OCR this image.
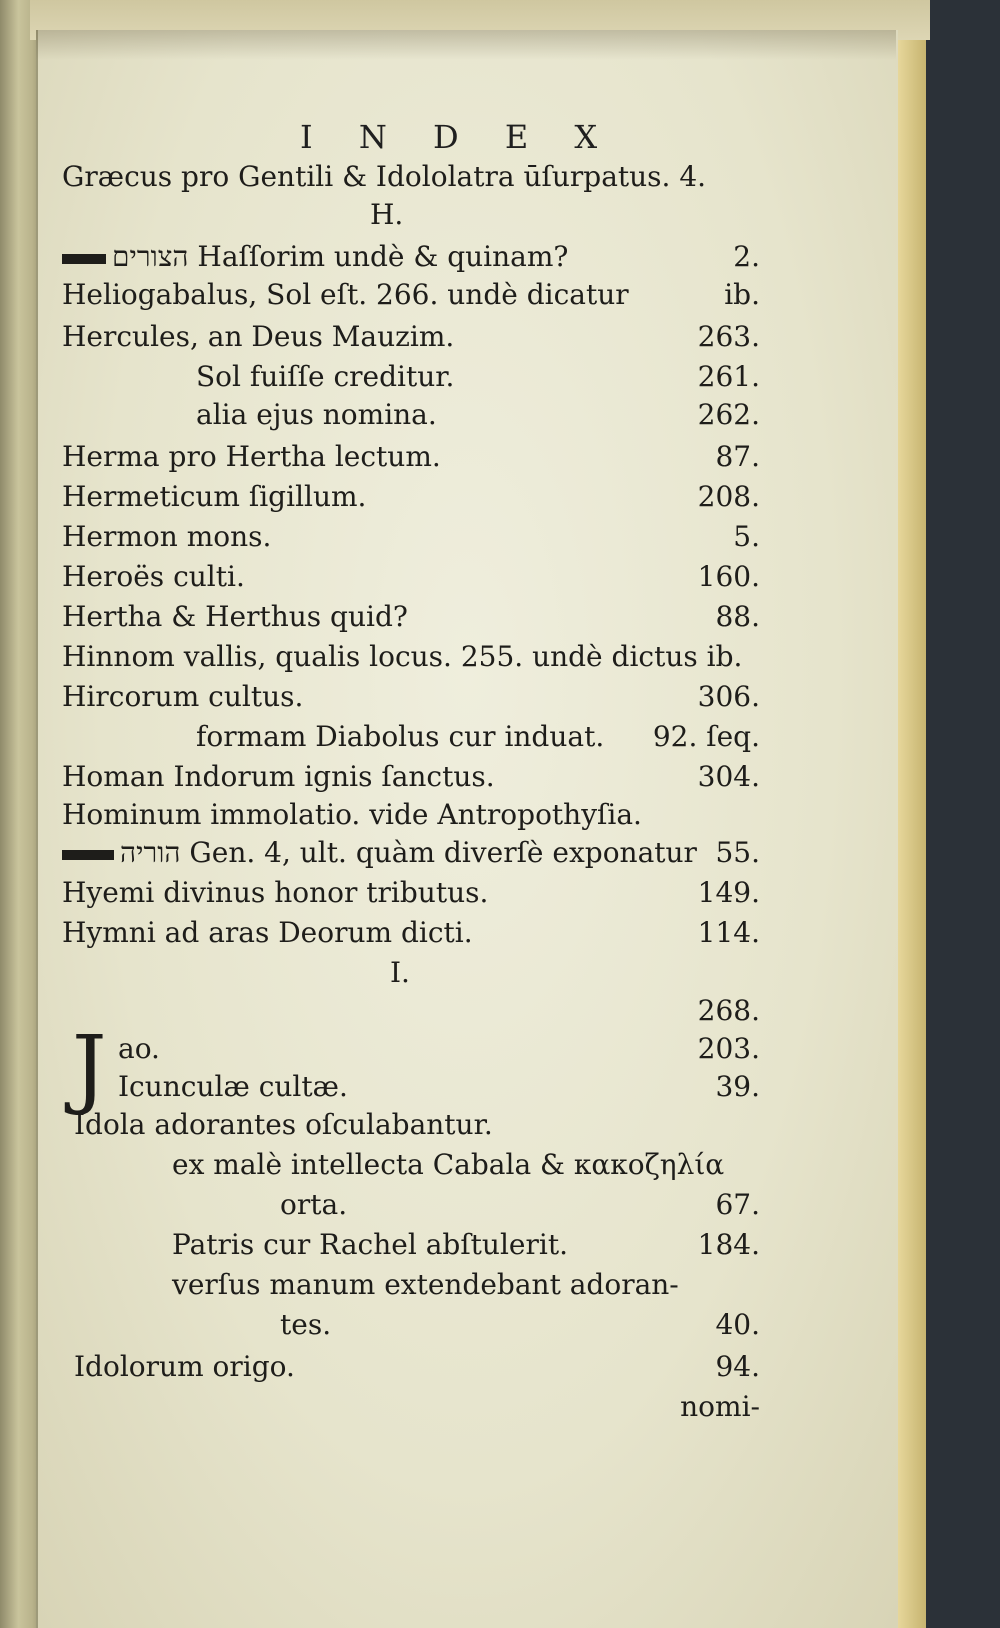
I N D E X
Græcus pro Gentili & Idololatra ūſurpatus. 4.
H.
הצורים Haſſorim undè & quinam?	2.
Heliogabalus, Sol eſt. 266. undè dicatur	ib.
Hercules, an Deus Mauzim.	263.
Sol fuiſſe creditur.	261.
alia ejus nomina.	262.
Herma pro Hertha lectum.	87.
Hermeticum ſigillum.	208.
Hermon mons.	5.
Heroës culti.	160.
Hertha & Herthus quid?	88.
Hinnom vallis, qualis locus. 255. undè dictus ib.
Hircorum cultus.	306.
formam Diabolus cur induat. 92. ſeq.
Homan Indorum ignis ſanctus.	304.
Hominum immolatio. vide Antropothyſia.
הוריה Gen. 4, ult. quàm diverſè exponatur 55.
Hyemi divinus honor tributus.	149.
Hymni ad aras Deorum dicti.	114.
I.
268.
J ao.	203.
Icunculæ cultæ.	39.
Idola adorantes oſculabantur.
ex malè intellecta Cabala & κακοζηλία
orta.	67.
Patris cur Rachel abſtulerit.	184.
verſus manum extendebant adoran-
tes.	40.
Idolorum origo.	94.
nomi-
